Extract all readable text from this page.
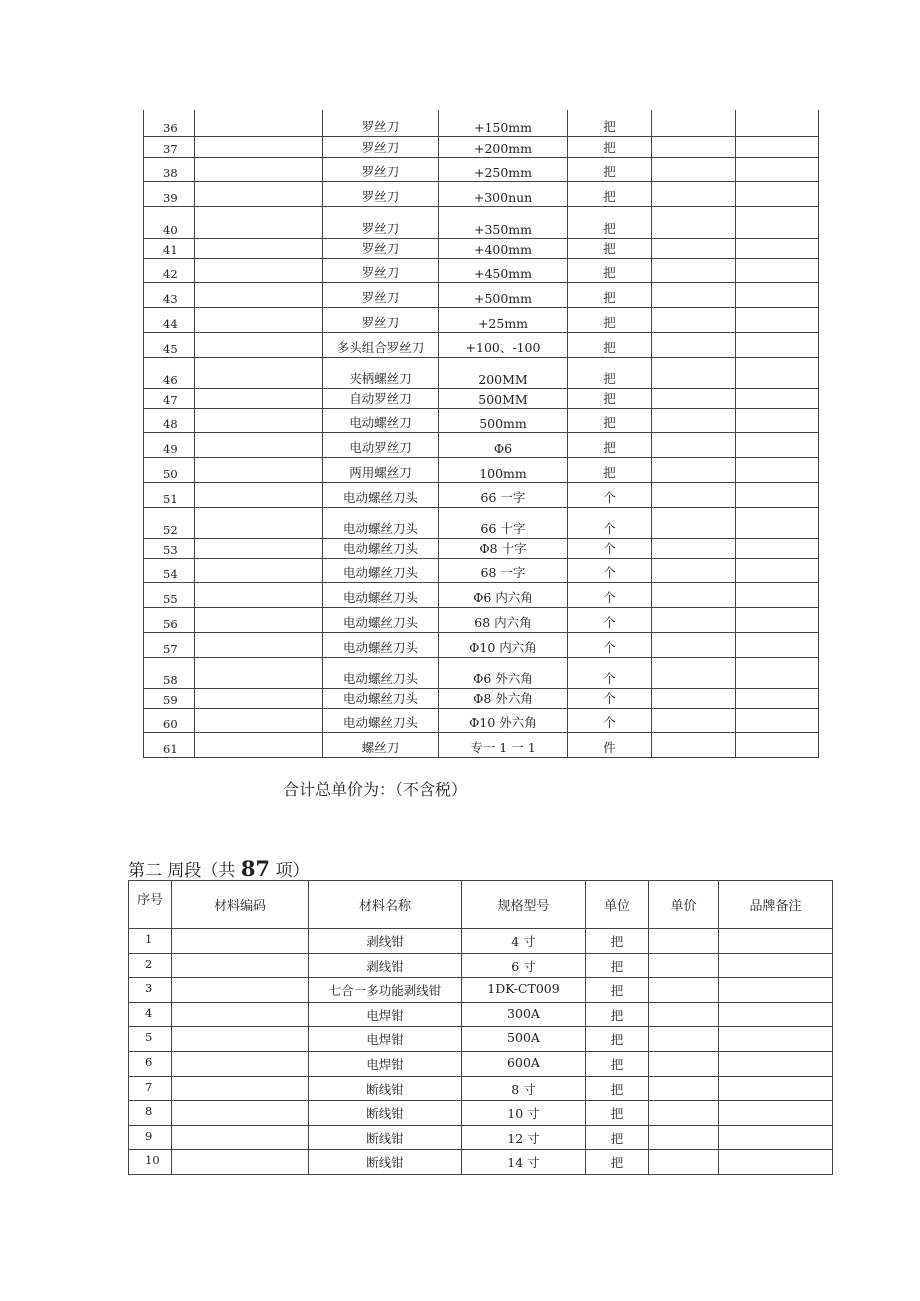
36		罗丝刀	+150mm	把		
37		罗丝刀	+200mm	把		
38		罗丝刀	+250mm	把		
39		罗丝刀	+300nun	把		
40		罗丝刀	+350mm	把		
41		罗丝刀	+400mm	把		
42		罗丝刀	+450mm	把		
43		罗丝刀	+500mm	把		
44		罗丝刀	+25mm	把		
45		多头组合罗丝刀	+100、-100	把		
46		夹柄螺丝刀	200MM	把		
47		自动罗丝刀	500MM	把		
48		电动螺丝刀	500mm	把		
49		电动罗丝刀	Φ6	把		
50		两用螺丝刀	100mm	把		
51		电动螺丝刀头	66 一字	个		
52		电动螺丝刀头	66 十字	个		
53		电动螺丝刀头	Φ8 十字	个		
54		电动螺丝刀头	68 一字	个		
55		电动螺丝刀头	Φ6 内六角	个		
56		电动螺丝刀头	68 内六角	个		
57		电动螺丝刀头	Φ10 内六角	个		
58		电动螺丝刀头	Φ6 外六角	个		
59		电动螺丝刀头	Φ8 外六角	个		
60		电动螺丝刀头	Φ10 外六角	个		
61		螺丝刀	专一 1 一 1	件		
合计总单价为：（不含税）
第二 周段（共 87 项）
序号	材料编码	材料名称	规格型号	单位	单价	品牌备注
1		剥线钳	4 寸	把		
2		剥线钳	6 寸	把		
3		七合一多功能剥线钳	1DK-CT009	把		
4		电焊钳	300A	把		
5		电焊钳	500A	把		
6		电焊钳	600A	把		
7		断线钳	8 寸	把		
8		断线钳	10 寸	把		
9		断线钳	12 寸	把		
10		断线钳	14 寸	把		
